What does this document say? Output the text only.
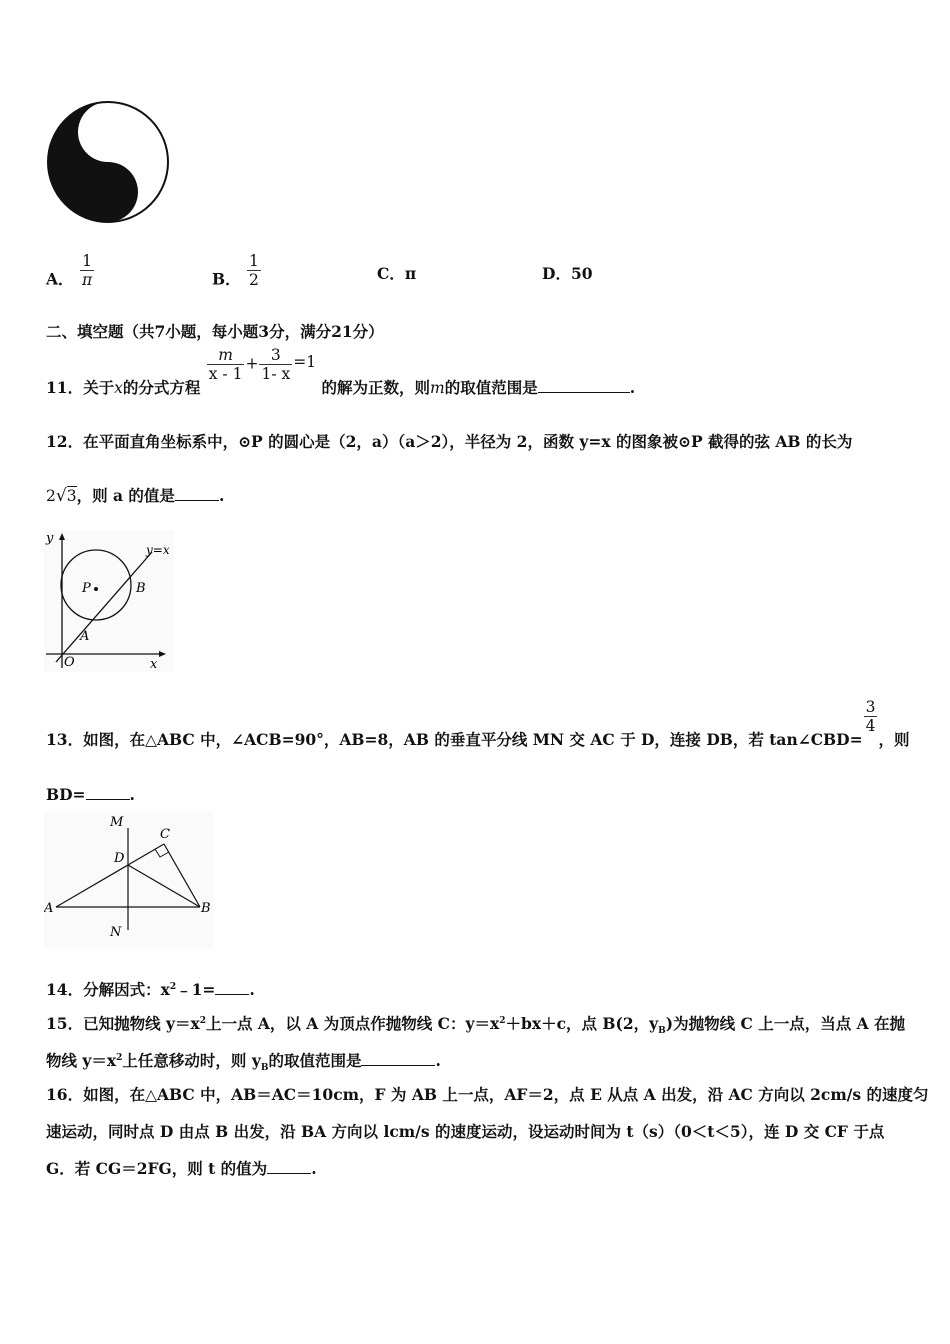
A． $\frac{1}{\pi}$	B． $\frac{1}{2}$	C．π	D．50
二、填空题（共7小题，每小题3分，满分21分）
11．关于x的分式方程
$\frac{m}{x - 1} + \frac{3}{1- x} =1$ 的解为正数，则m的取值范围是	.
12．在平面直角坐标系中，⊙P 的圆心是（2，a）（a＞2），半径为 2，函数 y=x 的图象被⊙P 截得的弦 AB 的长为
2√3，则 a 的值是	.
y
x
O
P
A
B
y=x
13．如图，在△ABC 中，∠ACB=90°，AB=8，AB 的垂直平分线 MN 交 AC 于 D，连接 DB，若 tan∠CBD=
$\frac{3}{4}$
，则
BD=	.
M
C
D
A	B
N
14．分解因式：$x^2﹣1=$ .
15．已知抛物线 $y=x^2$上一点 A，以 A 为顶点作抛物线 C：$y=x^2+bx+c$，点 B(2，$y_B$)为抛物线 C 上一点，当点 A 在抛
物线 $y=x^2$上任意移动时，则 $y_B$的取值范围是	.
16．如图，在△ABC 中，AB＝AC＝10cm，F 为 AB 上一点，AF＝2，点 E 从点 A 出发，沿 AC 方向以 2cm/s 的速度匀
速运动，同时点 D 由点 B 出发，沿 BA 方向以 lcm/s 的速度运动，设运动时间为 t（s）（0＜t＜5），连 D 交 CF 于点
G．若 CG＝2FG，则 t 的值为	.
